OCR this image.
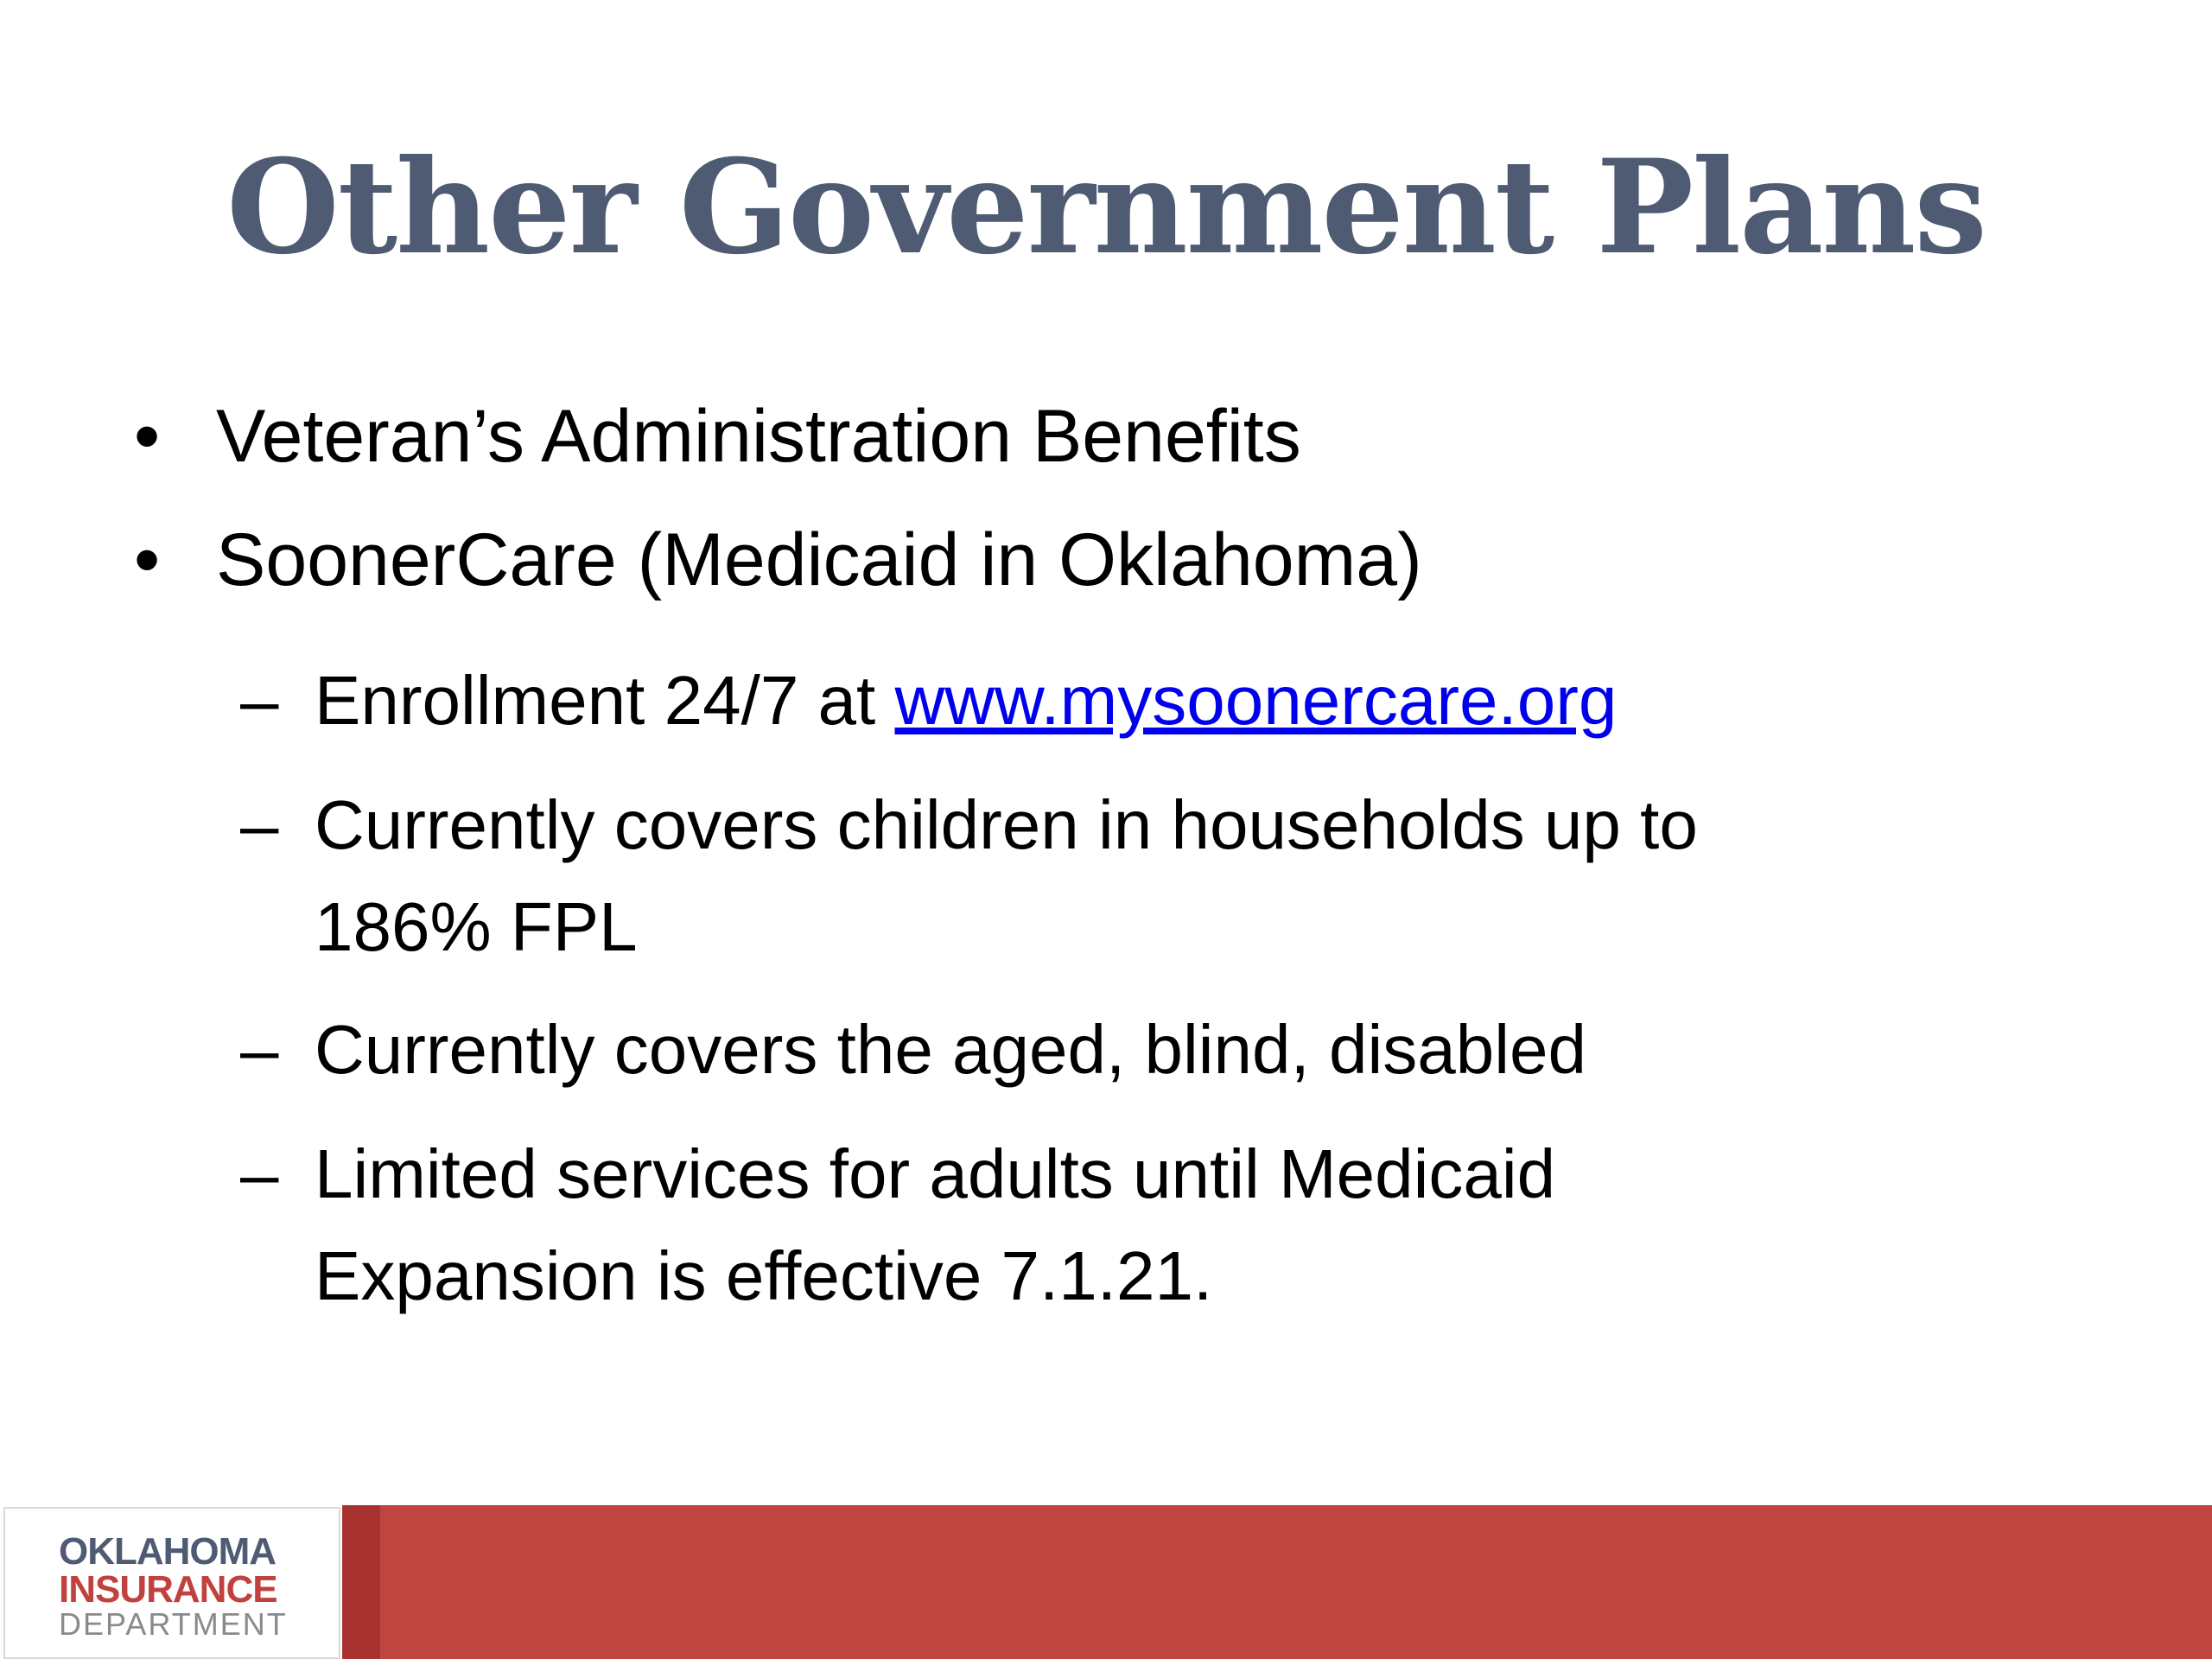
Other Government Plans
• Veteran’s Administration Benefits
• SoonerCare (Medicaid in Oklahoma)
– Enrollment 24/7 at www.mysoonercare.org
– Currently covers children in households up to
186% FPL
– Currently covers the aged, blind, disabled
– Limited services for adults until Medicaid
Expansion is effective 7.1.21.
OKLAHOMA
INSURANCE
DEPARTMENT
